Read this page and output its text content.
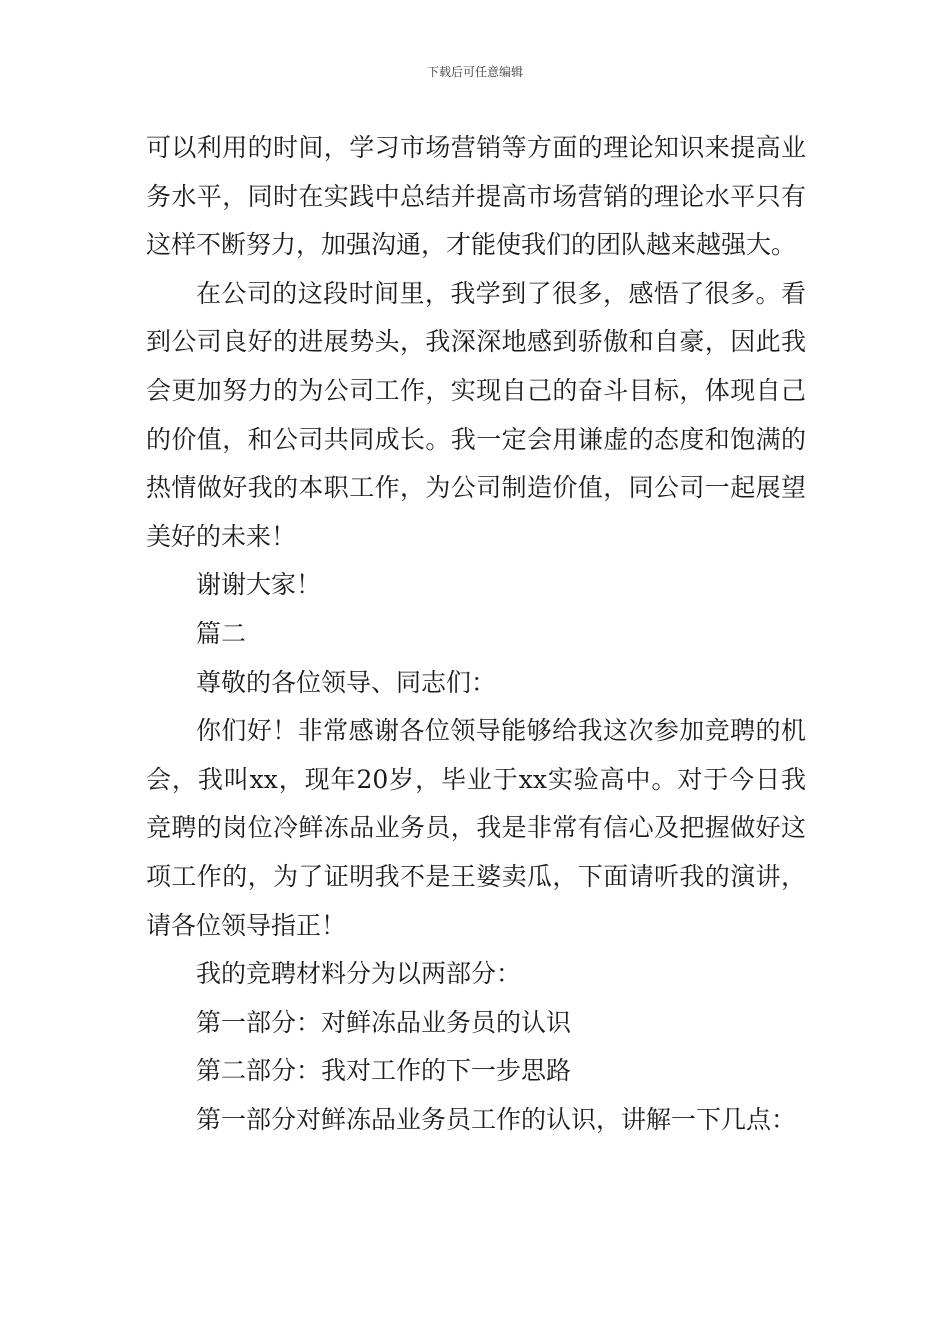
下载后可任意编辑

可以利用的时间，学习市场营销等方面的理论知识来提高业务水平，同时在实践中总结并提高市场营销的理论水平只有这样不断努力，加强沟通，才能使我们的团队越来越强大。

在公司的这段时间里，我学到了很多，感悟了很多。看到公司良好的进展势头，我深深地感到骄傲和自豪，因此我会更加努力的为公司工作，实现自己的奋斗目标，体现自己的价值，和公司共同成长。我一定会用谦虚的态度和饱满的热情做好我的本职工作，为公司制造价值，同公司一起展望美好的未来！

谢谢大家！

篇二

尊敬的各位领导、同志们：

你们好！非常感谢各位领导能够给我这次参加竞聘的机会，我叫xx，现年20岁，毕业于xx实验高中。对于今日我竞聘的岗位冷鲜冻品业务员，我是非常有信心及把握做好这项工作的，为了证明我不是王婆卖瓜，下面请听我的演讲，请各位领导指正！

我的竞聘材料分为以两部分：

第一部分：对鲜冻品业务员的认识

第二部分：我对工作的下一步思路

第一部分对鲜冻品业务员工作的认识，讲解一下几点：
